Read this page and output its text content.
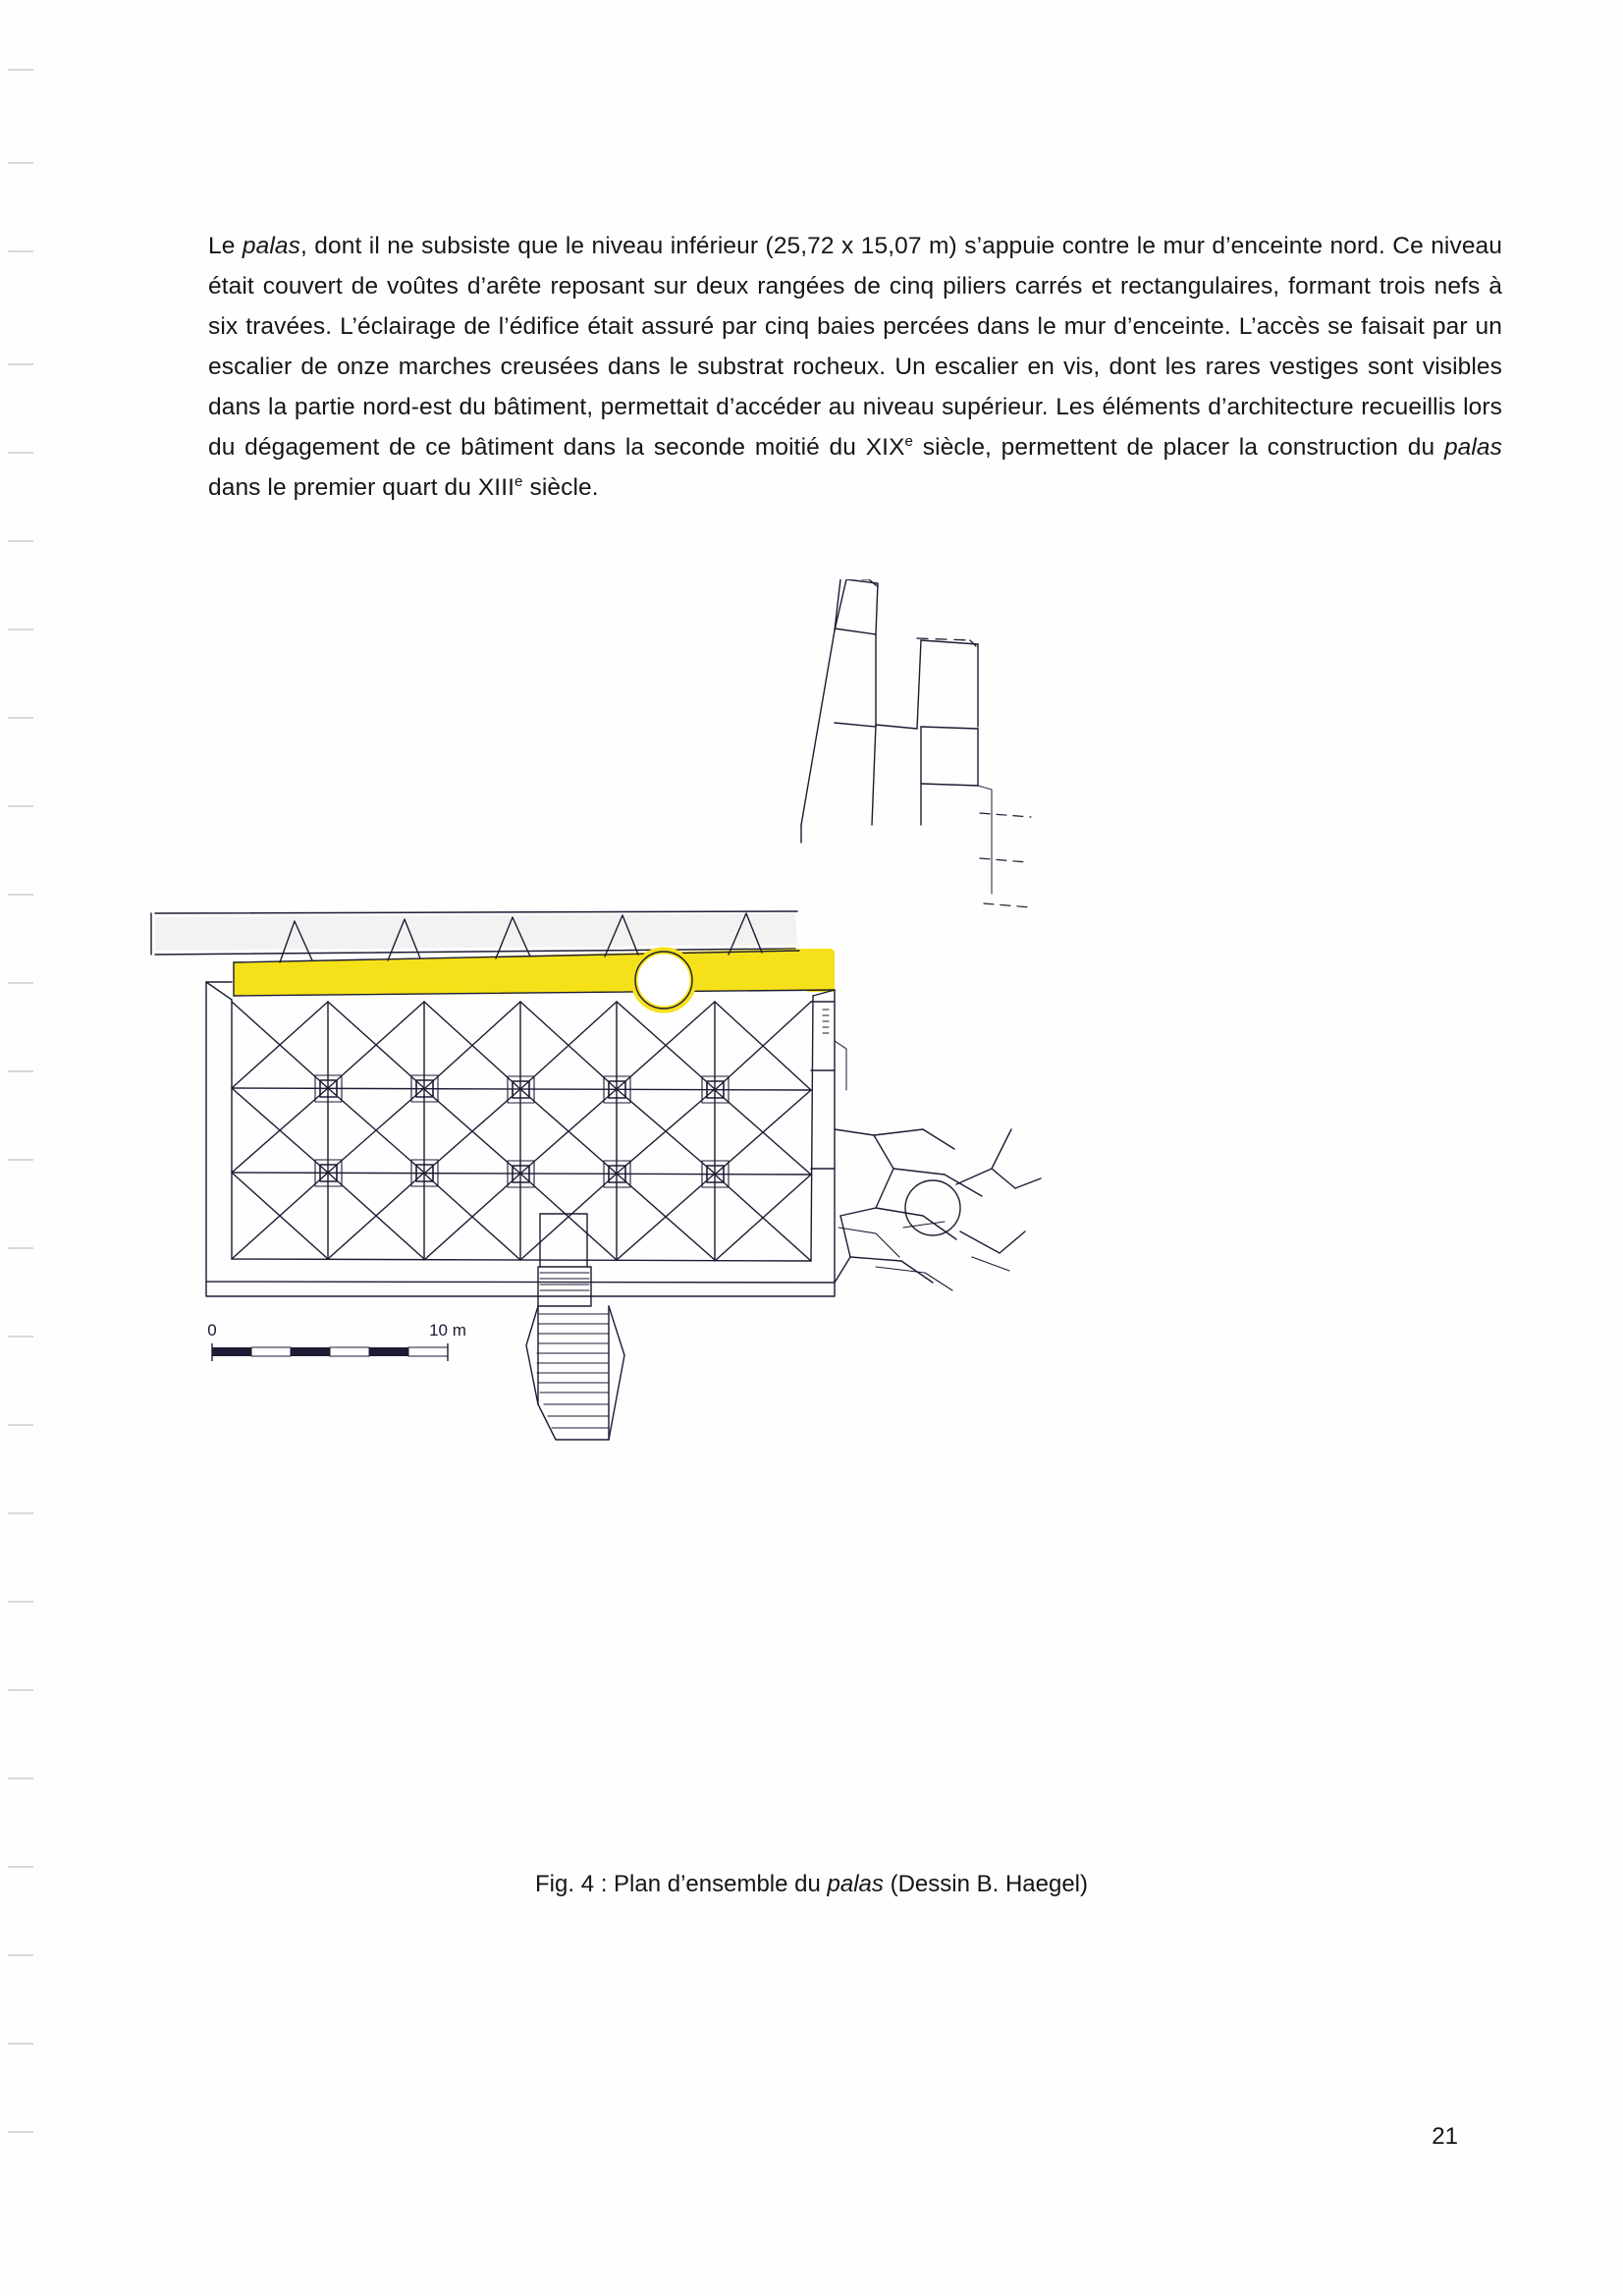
Le palas, dont il ne subsiste que le niveau inférieur (25,72 x 15,07 m) s’appuie contre le mur d’enceinte nord. Ce niveau était couvert de voûtes d’arête reposant sur deux rangées de cinq piliers carrés et rectangulaires, formant trois nefs à six travées. L’éclairage de l’édifice était assuré par cinq baies percées dans le mur d’enceinte. L’accès se faisait par un escalier de onze marches creusées dans le substrat rocheux. Un escalier en vis, dont les rares vestiges sont visibles dans la partie nord-est du bâtiment, permettait d’accéder au niveau supérieur. Les éléments d’architecture recueillis lors du dégagement de ce bâtiment dans la seconde moitié du XIXe siècle, permettent de placer la construction du palas dans le premier quart du XIIIe siècle.

0	10 m
Fig. 4 : Plan d’ensemble du palas (Dessin B. Haegel)
21
